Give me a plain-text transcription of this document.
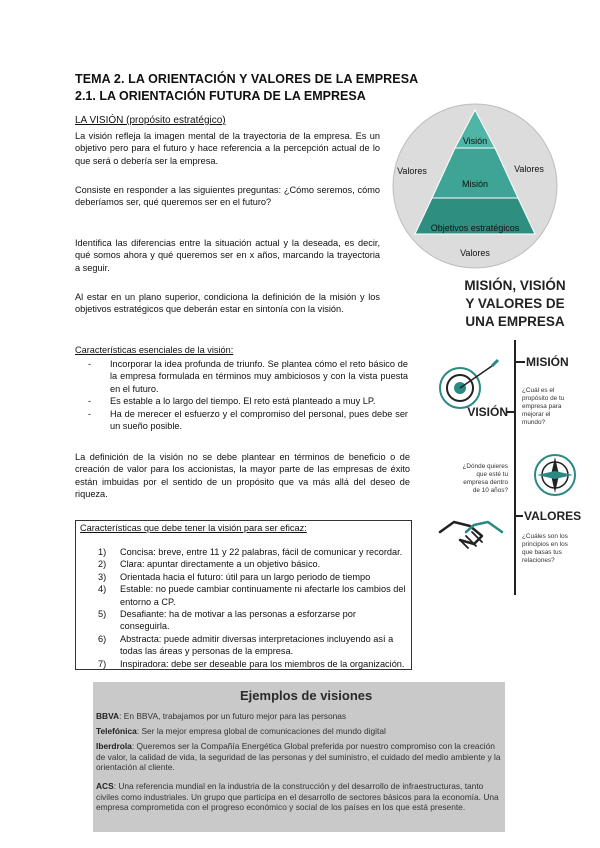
TEMA 2. LA ORIENTACIÓN Y VALORES DE LA EMPRESA
2.1. LA ORIENTACIÓN FUTURA DE LA EMPRESA
LA VISIÓN (propósito estratégico)
La visión refleja la imagen mental de la trayectoria de la empresa. Es un objetivo pero para el futuro y hace referencia a la percepción actual de lo que será o debería ser la empresa.
Consiste en responder a las siguientes preguntas: ¿Cómo seremos, cómo deberíamos ser, qué queremos ser en el futuro?
Identifica las diferencias entre la situación actual y la deseada, es decir, qué somos ahora y qué queremos ser en x años, marcando la trayectoria a seguir.
Al estar en un plano superior, condiciona la definición de la misión y los objetivos estratégicos que deberán estar en sintonía con la visión.
Características esenciales de la visión:
- Incorporar la idea profunda de triunfo. Se plantea cómo el reto básico de la empresa formulada en términos muy ambiciosos y con la vista puesta en el futuro.
- Es estable a lo largo del tiempo. El reto está planteado a muy LP.
- Ha de merecer el esfuerzo y el compromiso del personal, pues debe ser un sueño posible.
La definición de la visión no se debe plantear en términos de beneficio o de creación de valor para los accionistas, la mayor parte de las empresas de éxito están imbuidas por el sentido de un propósito que va más allá del deseo de riqueza.
Características que debe tener la visión para ser eficaz:
1) Concisa: breve, entre 11 y 22 palabras, fácil de comunicar y recordar.
2) Clara: apuntar directamente a un objetivo básico.
3) Orientada hacia el futuro: útil para un largo periodo de tiempo
4) Estable: no puede cambiar continuamente ni afectarle los cambios del entorno a CP.
5) Desafiante: ha de motivar a las personas a esforzarse por conseguirla.
6) Abstracta: puede admitir diversas interpretaciones incluyendo así a todas las áreas y personas de la empresa.
7) Inspiradora: debe ser deseable para los miembros de la organización.
Visión
Misión
Objetivos estratégicos
Valores	Valores
Valores
MISIÓN, VISIÓN
Y VALORES DE
UNA EMPRESA
MISIÓN
¿Cuál es el
propósito de tu
empresa para
mejorar el
mundo?
VISIÓN
¿Dónde quieres
que esté tu
empresa dentro
de 10 años?
VALORES
¿Cuáles son los
principios en los
que basas tus
relaciones?
Ejemplos de visiones
BBVA: En BBVA, trabajamos por un futuro mejor para las personas
Telefónica: Ser la mejor empresa global de comunicaciones del mundo digital
Iberdrola: Queremos ser la Compañía Energética Global preferida por nuestro compromiso con la creación de valor, la calidad de vida, la seguridad de las personas y del suministro, el cuidado del medio ambiente y la orientación al cliente.
ACS: Una referencia mundial en la industria de la construcción y del desarrollo de infraestructuras, tanto civiles como industriales. Un grupo que participa en el desarrollo de sectores básicos para la economía. Una empresa comprometida con el progreso económico y social de los países en los que está presente.
